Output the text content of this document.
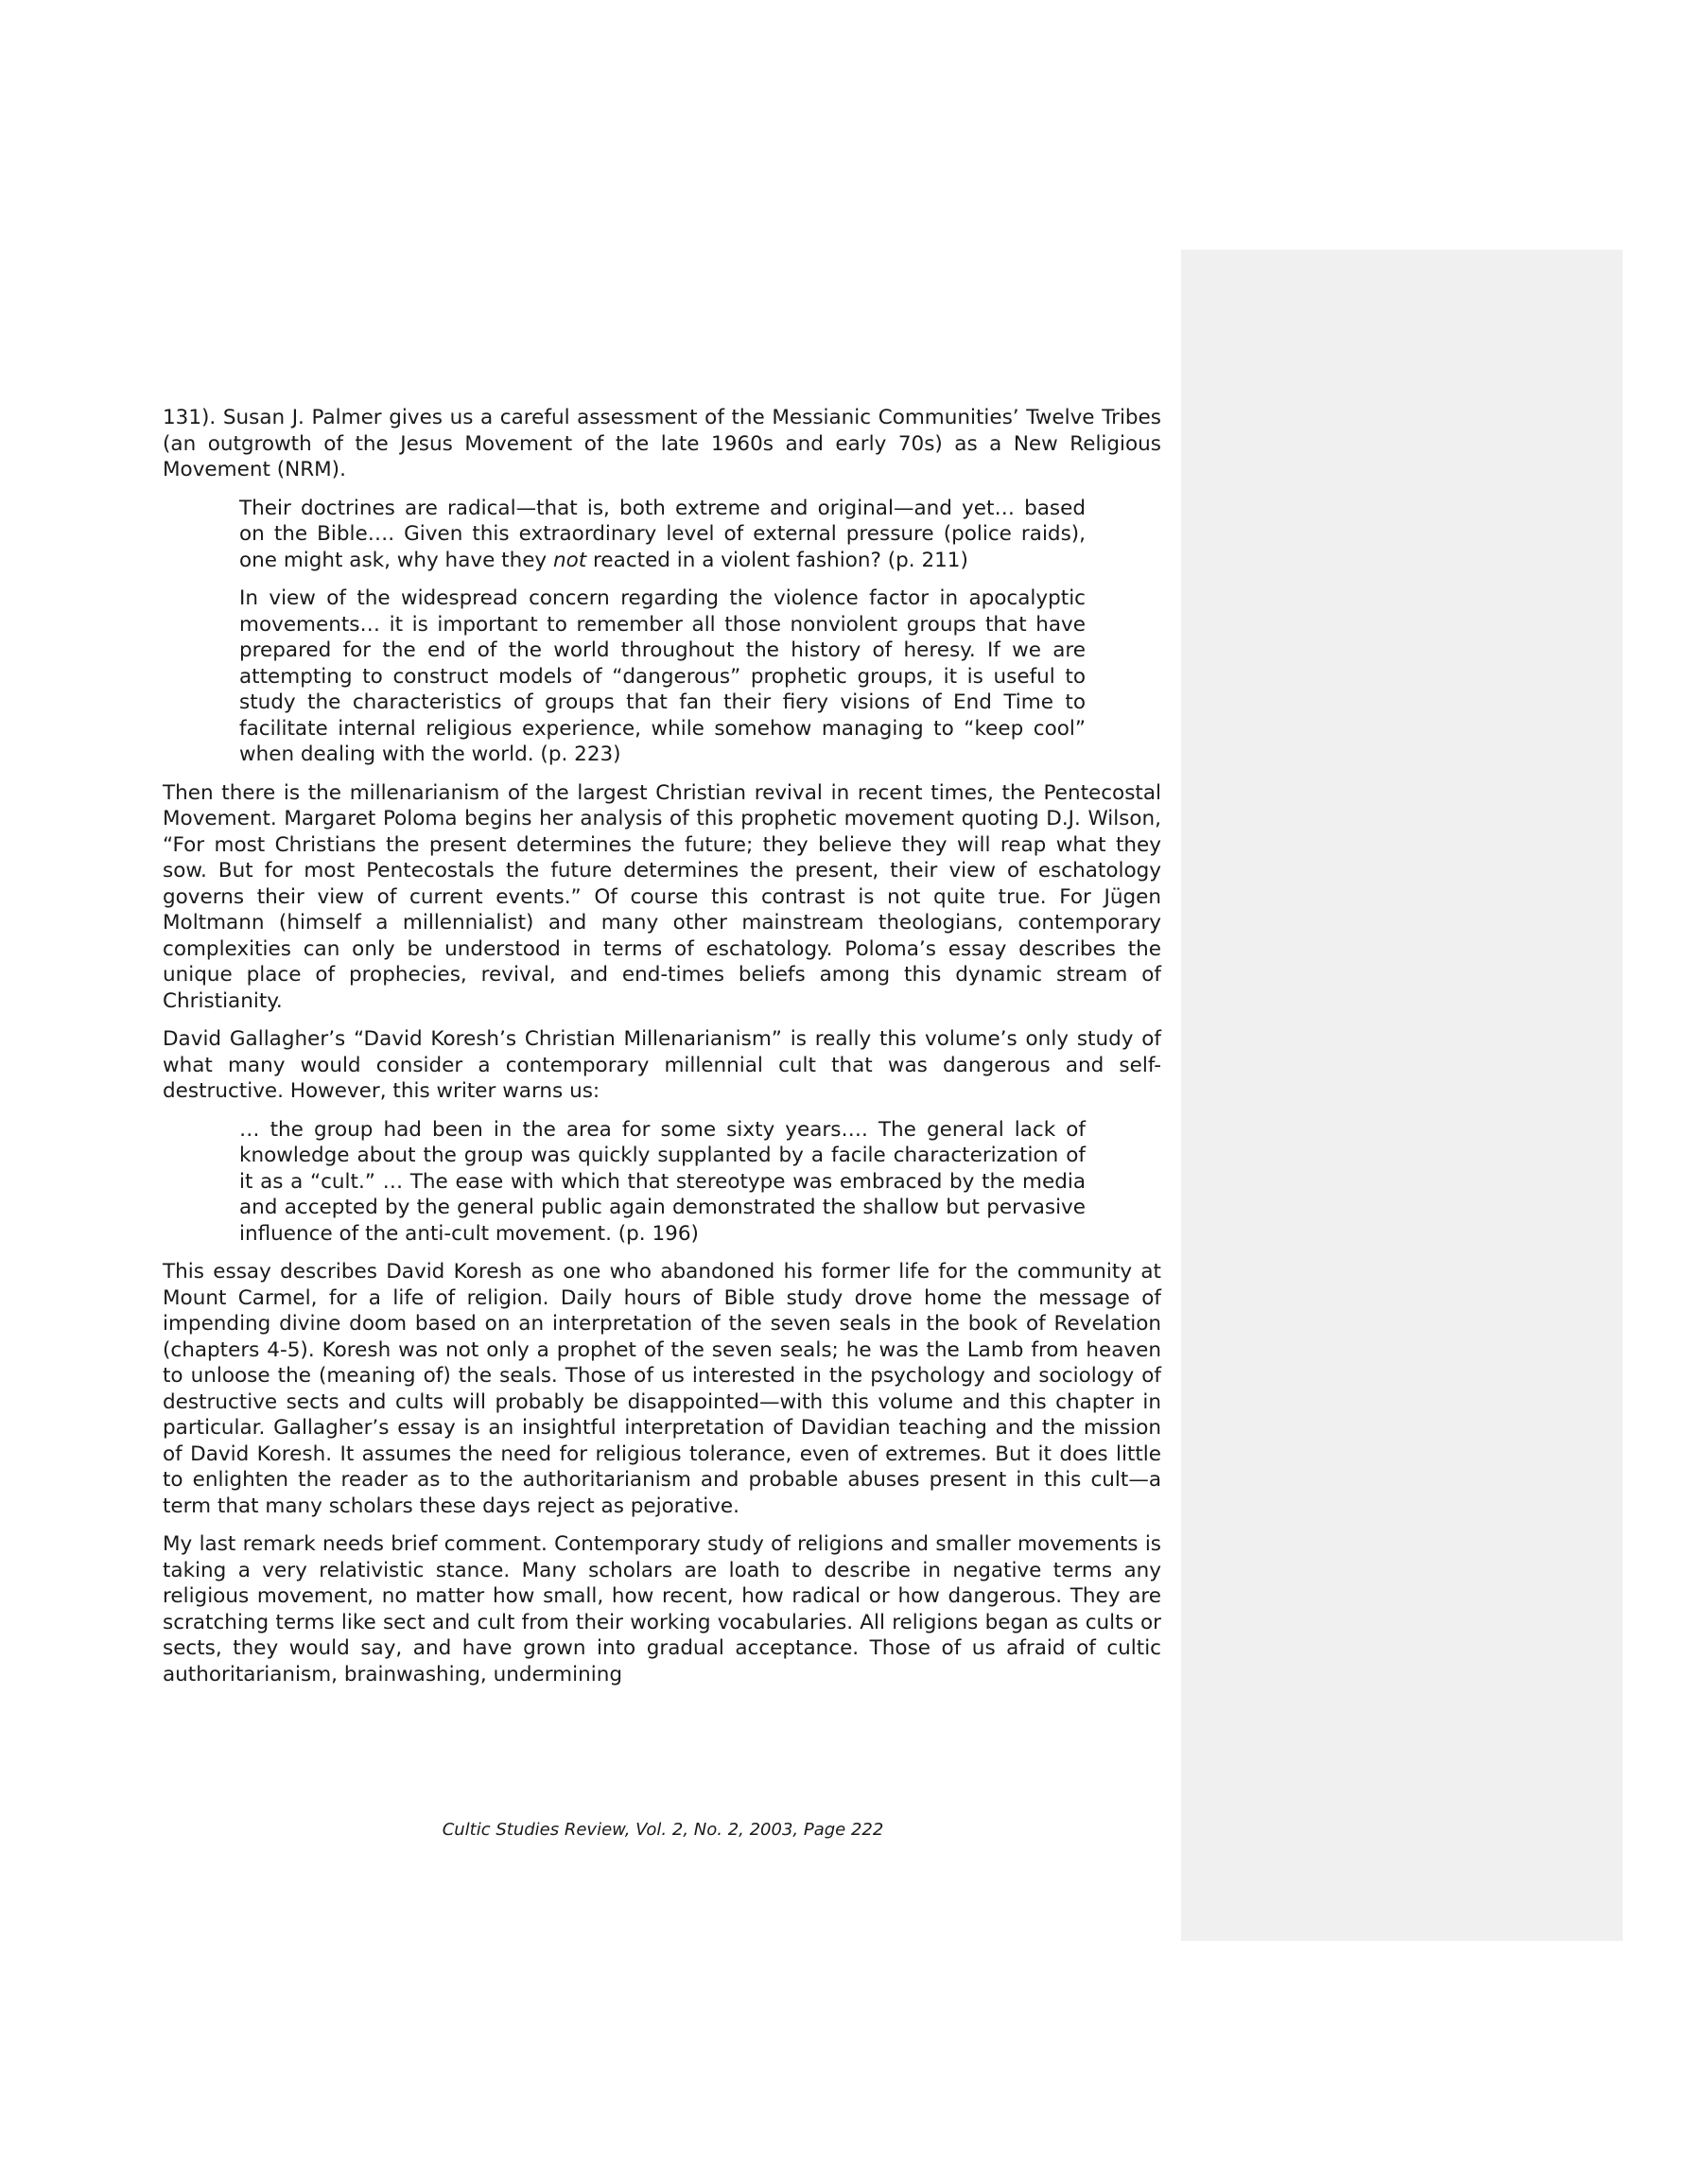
131). Susan J. Palmer gives us a careful assessment of the Messianic Communities’ Twelve Tribes (an outgrowth of the Jesus Movement of the late 1960s and early 70s) as a New Religious Movement (NRM).

Their doctrines are radical—that is, both extreme and original—and yet… based on the Bible…. Given this extraordinary level of external pressure (police raids), one might ask, why have they not reacted in a violent fashion? (p. 211)
In view of the widespread concern regarding the violence factor in apocalyptic movements… it is important to remember all those nonviolent groups that have prepared for the end of the world throughout the history of heresy. If we are attempting to construct models of “dangerous” prophetic groups, it is useful to study the characteristics of groups that fan their fiery visions of End Time to facilitate internal religious experience, while somehow managing to “keep cool” when dealing with the world. (p. 223)

Then there is the millenarianism of the largest Christian revival in recent times, the Pentecostal Movement. Margaret Poloma begins her analysis of this prophetic movement quoting D.J. Wilson, “For most Christians the present determines the future; they believe they will reap what they sow. But for most Pentecostals the future determines the present, their view of eschatology governs their view of current events.” Of course this contrast is not quite true. For Jügen Moltmann (himself a millennialist) and many other mainstream theologians, contemporary complexities can only be understood in terms of eschatology. Poloma’s essay describes the unique place of prophecies, revival, and end-times beliefs among this dynamic stream of Christianity.

David Gallagher’s “David Koresh’s Christian Millenarianism” is really this volume’s only study of what many would consider a contemporary millennial cult that was dangerous and self-destructive. However, this writer warns us:

… the group had been in the area for some sixty years…. The general lack of knowledge about the group was quickly supplanted by a facile characterization of it as a “cult.” … The ease with which that stereotype was embraced by the media and accepted by the general public again demonstrated the shallow but pervasive influence of the anti-cult movement. (p. 196)

This essay describes David Koresh as one who abandoned his former life for the community at Mount Carmel, for a life of religion. Daily hours of Bible study drove home the message of impending divine doom based on an interpretation of the seven seals in the book of Revelation (chapters 4-5). Koresh was not only a prophet of the seven seals; he was the Lamb from heaven to unloose the (meaning of) the seals. Those of us interested in the psychology and sociology of destructive sects and cults will probably be disappointed—with this volume and this chapter in particular. Gallagher’s essay is an insightful interpretation of Davidian teaching and the mission of David Koresh. It assumes the need for religious tolerance, even of extremes. But it does little to enlighten the reader as to the authoritarianism and probable abuses present in this cult—a term that many scholars these days reject as pejorative.

My last remark needs brief comment. Contemporary study of religions and smaller movements is taking a very relativistic stance. Many scholars are loath to describe in negative terms any religious movement, no matter how small, how recent, how radical or how dangerous. They are scratching terms like sect and cult from their working vocabularies. All religions began as cults or sects, they would say, and have grown into gradual acceptance. Those of us afraid of cultic authoritarianism, brainwashing, undermining

Cultic Studies Review, Vol. 2, No. 2, 2003, Page 222
